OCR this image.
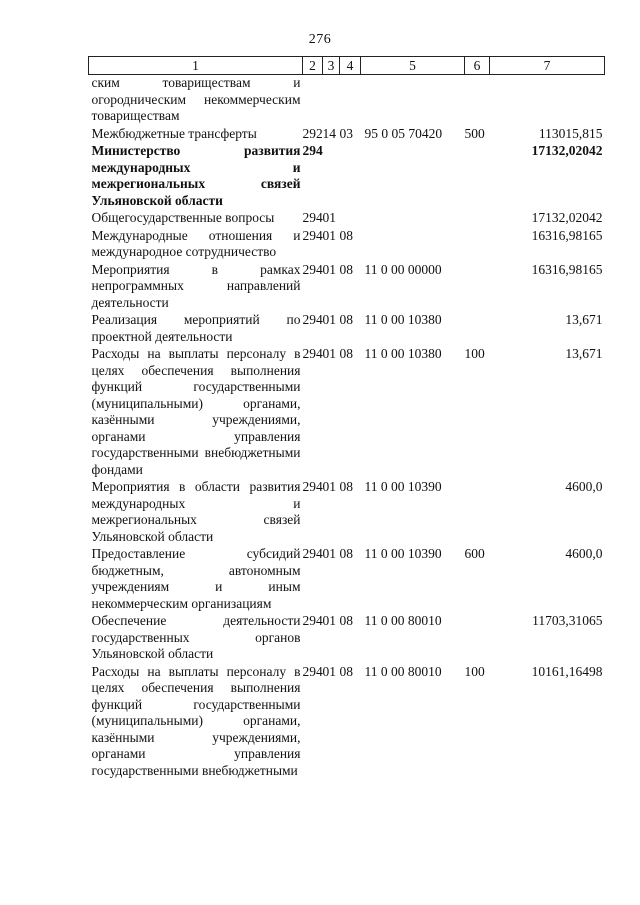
276
1	2	3	4	5	6	7
ским товариществам и огородническим некоммерческим товариществам						
Межбюджетные трансферты	292	14	03	95 0 05 70420	500	113015,815
Министерство развития международных и межрегиональных связей Ульяновской области	294					17132,02042
Общегосударственные вопросы	294	01				17132,02042
Международные отношения и международное сотрудничество	294	01	08			16316,98165
Мероприятия в рамках непрограммных направлений деятельности	294	01	08	11 0 00 00000		16316,98165
Реализация мероприятий по проектной деятельности	294	01	08	11 0 00 10380		13,671
Расходы на выплаты персоналу в целях обеспечения выполнения функций государственными (муниципальными) органами, казёнными учреждениями, органами управления государственными внебюджетными фондами	294	01	08	11 0 00 10380	100	13,671
Мероприятия в области развития международных и межрегиональных связей Ульяновской области	294	01	08	11 0 00 10390		4600,0
Предоставление субсидий бюджетным, автономным учреждениям и иным некоммерческим организациям	294	01	08	11 0 00 10390	600	4600,0
Обеспечение деятельности государственных органов Ульяновской области	294	01	08	11 0 00 80010		11703,31065
Расходы на выплаты персоналу в целях обеспечения выполнения функций государственными (муниципальными) органами, казёнными учреждениями, органами управления государственными внебюджетными	294	01	08	11 0 00 80010	100	10161,16498
